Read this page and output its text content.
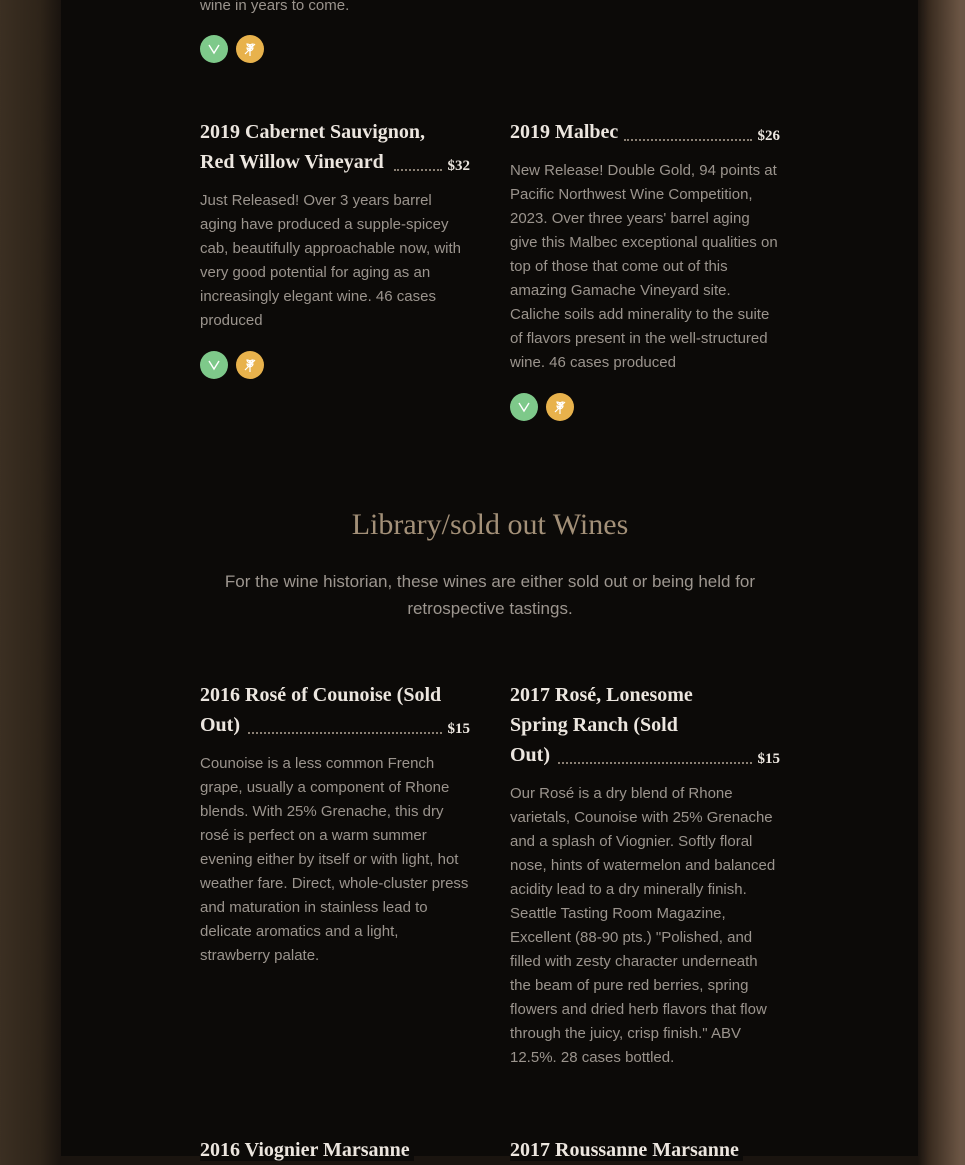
wine in years to come.
2019 Cabernet Sauvignon, Red Willow Vineyard	$32
Just Released! Over 3 years barrel aging have produced a supple-spicey cab, beautifully approachable now, with very good potential for aging as an increasingly elegant wine. 46 cases produced
2019 Malbec	$26
New Release! Double Gold, 94 points at Pacific Northwest Wine Competition, 2023. Over three years' barrel aging give this Malbec exceptional qualities on top of those that come out of this amazing Gamache Vineyard site. Caliche soils add minerality to the suite of flavors present in the well-structured wine. 46 cases produced
Library/sold out Wines
For the wine historian, these wines are either sold out or being held for retrospective tastings.
2016 Rosé of Counoise (Sold Out)	$15
Counoise is a less common French grape, usually a component of Rhone blends. With 25% Grenache, this dry rosé is perfect on a warm summer evening either by itself or with light, hot weather fare. Direct, whole-cluster press and maturation in stainless lead to delicate aromatics and a light, strawberry palate.
2017 Rosé, Lonesome Spring Ranch (Sold Out)	$15
Our Rosé is a dry blend of Rhone varietals, Counoise with 25% Grenache and a splash of Viognier. Softly floral nose, hints of watermelon and balanced acidity lead to a dry minerally finish. Seattle Tasting Room Magazine, Excellent (88-90 pts.) "Polished, and filled with zesty character underneath the beam of pure red berries, spring flowers and dried herb flavors that flow through the juicy, crisp finish." ABV 12.5%. 28 cases bottled.
2016 Viognier Marsanne	2017 Roussanne Marsanne
